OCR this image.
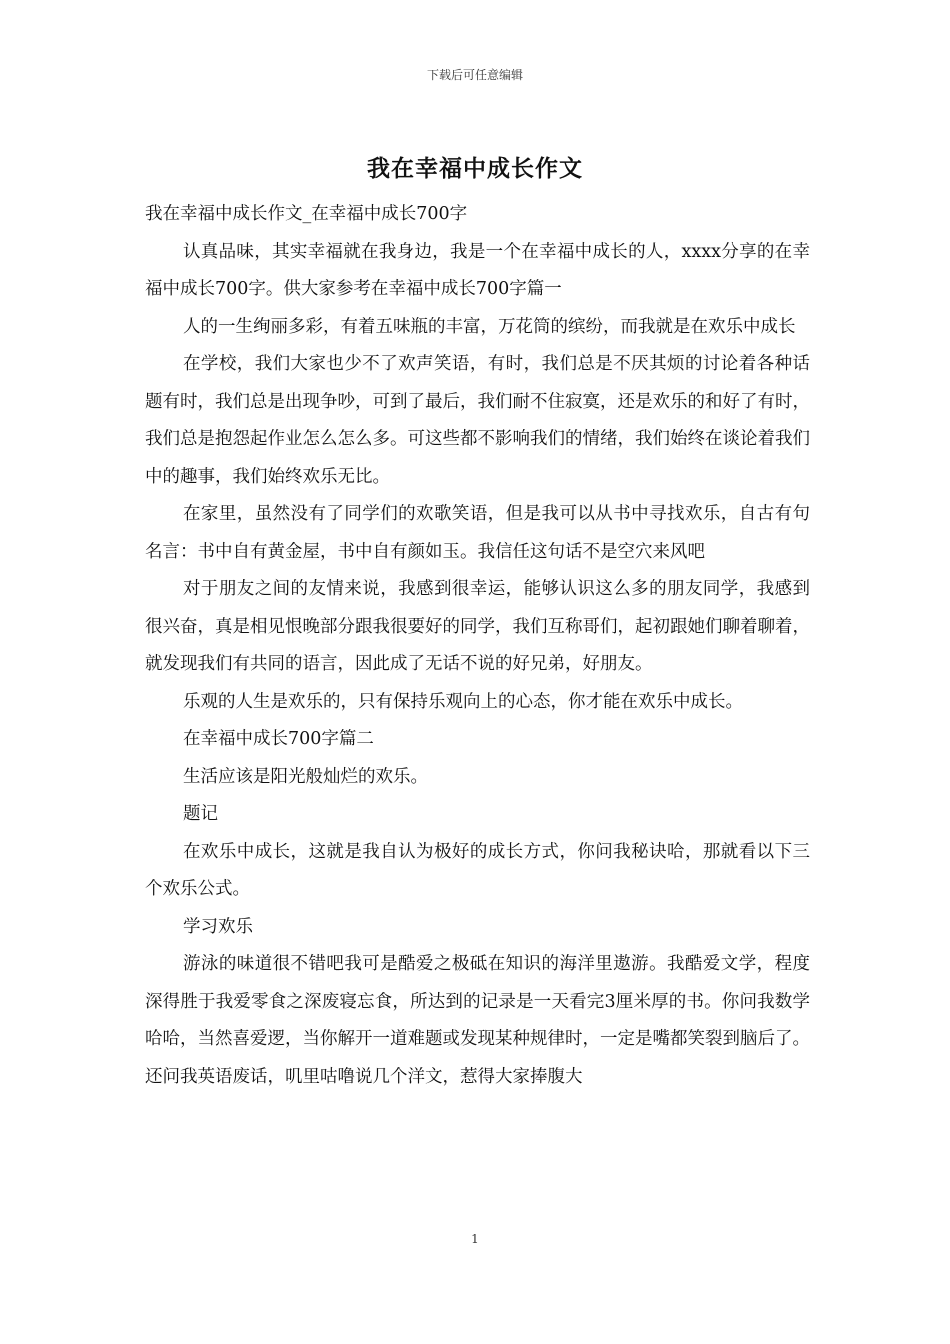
下载后可任意编辑
我在幸福中成长作文

我在幸福中成长作文_在幸福中成长700字

认真品味，其实幸福就在我身边，我是一个在幸福中成长的人，xxxx分享的在幸福中成长700字。供大家参考在幸福中成长700字篇一

人的一生绚丽多彩，有着五味瓶的丰富，万花筒的缤纷，而我就是在欢乐中成长

在学校，我们大家也少不了欢声笑语，有时，我们总是不厌其烦的讨论着各种话题有时，我们总是出现争吵，可到了最后，我们耐不住寂寞，还是欢乐的和好了有时，我们总是抱怨起作业怎么怎么多。可这些都不影响我们的情绪，我们始终在谈论着我们中的趣事，我们始终欢乐无比。

在家里，虽然没有了同学们的欢歌笑语，但是我可以从书中寻找欢乐，自古有句名言：书中自有黄金屋，书中自有颜如玉。我信任这句话不是空穴来风吧

对于朋友之间的友情来说，我感到很幸运，能够认识这么多的朋友同学，我感到很兴奋，真是相见恨晚部分跟我很要好的同学，我们互称哥们，起初跟她们聊着聊着，就发现我们有共同的语言，因此成了无话不说的好兄弟，好朋友。

乐观的人生是欢乐的，只有保持乐观向上的心态，你才能在欢乐中成长。

在幸福中成长700字篇二

生活应该是阳光般灿烂的欢乐。

题记

在欢乐中成长，这就是我自认为极好的成长方式，你问我秘诀哈，那就看以下三个欢乐公式。

学习欢乐

游泳的味道很不错吧我可是酷爱之极砥在知识的海洋里遨游。我酷爱文学，程度深得胜于我爱零食之深废寝忘食，所达到的记录是一天看完3厘米厚的书。你问我数学哈哈，当然喜爱逻，当你解开一道难题或发现某种规律时，一定是嘴都笑裂到脑后了。还问我英语废话，叽里咕噜说几个洋文，惹得大家捧腹大

1
